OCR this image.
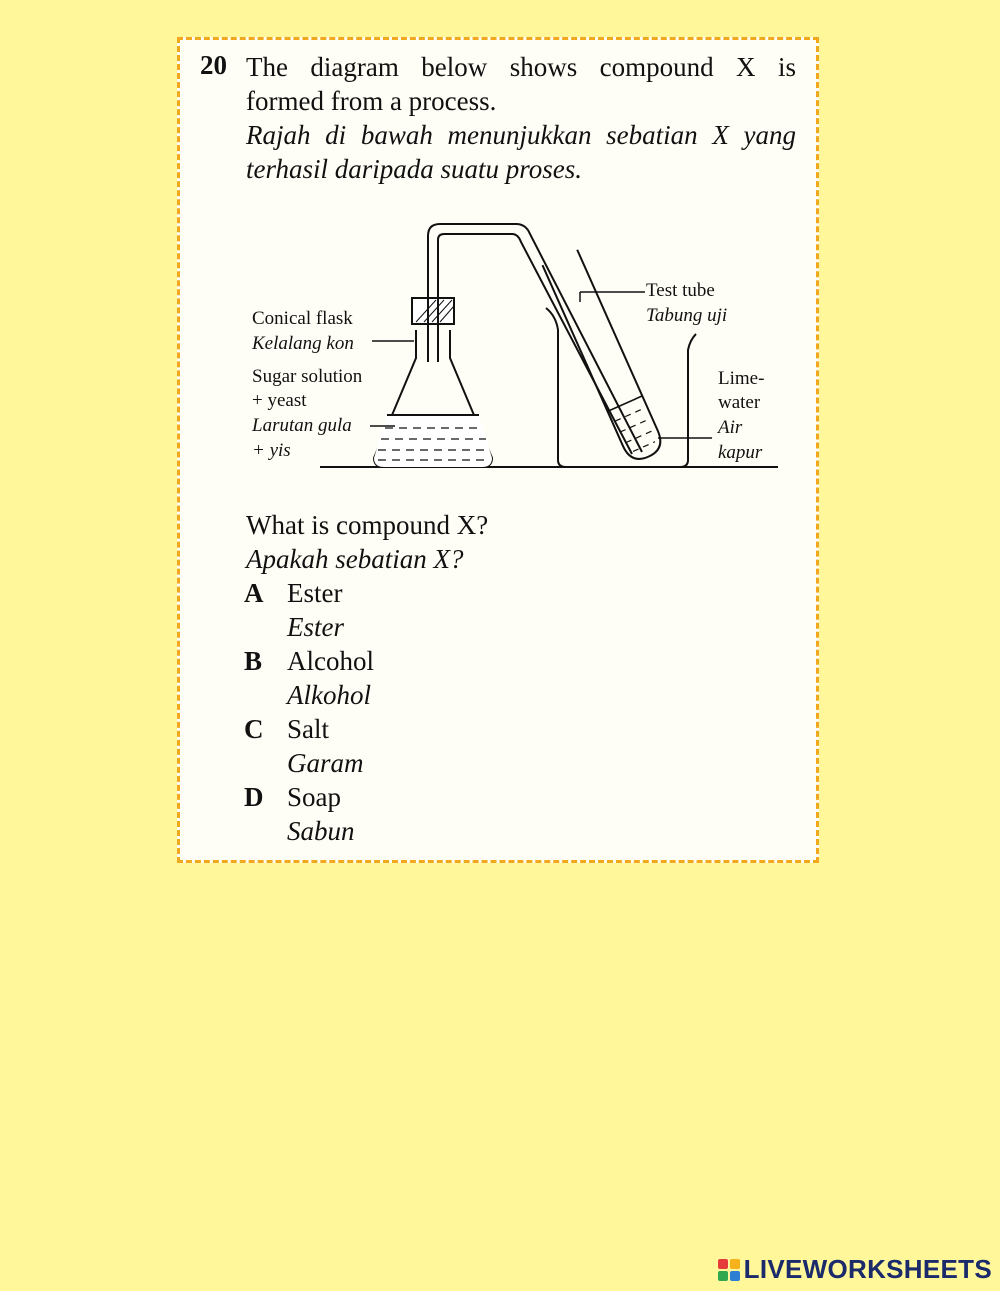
20 The diagram below shows compound X is
formed from a process.
Rajah di bawah menunjukkan sebatian X yang
terhasil daripada suatu proses.
Conical flask
Kelalang kon
Sugar solution
+ yeast
Larutan gula
+ yis
Test tube
Tabung uji
Lime-
water
Air
kapur
What is compound X?
Apakah sebatian X?
A Ester
Ester
B Alcohol
Alkohol
C Salt
Garam
D Soap
Sabun
LIVEWORKSHEETS
